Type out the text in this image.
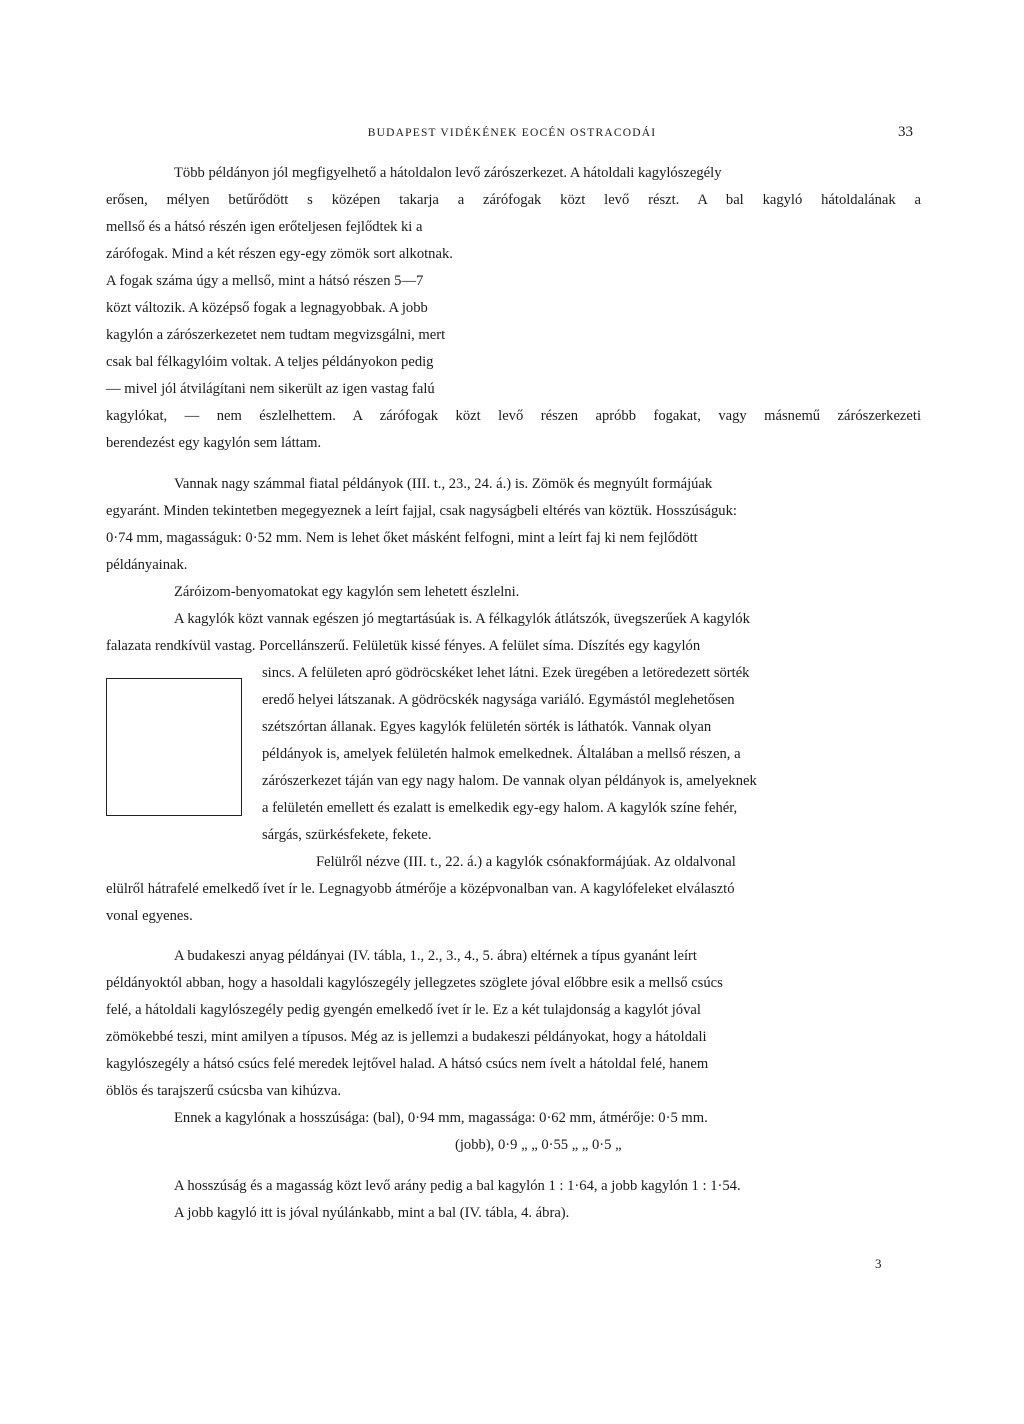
BUDAPEST VIDÉKÉNEK EOCÉN OSTRACODÁI	33
Több példányon jól megfigyelhető a hátoldalon levő zárószerkezet. A hátoldali kagylószegély
erősen, mélyen betűrődött s középen takarja a zárófogak közt levő részt. A bal kagyló hátoldalának a
mellső és a hátsó részén igen erőteljesen fejlődtek ki a
zárófogak. Mind a két részen egy-egy zömök sort alkotnak.
A fogak száma úgy a mellső, mint a hátsó részen 5—7
közt változik. A középső fogak a legnagyobbak. A jobb
kagylón a zárószerkezetet nem tudtam megvizsgálni, mert
csak bal félkagylóim voltak. A teljes példányokon pedig
— mivel jól átvilágítani nem sikerült az igen vastag falú
kagylókat, — nem észlelhettem. A zárófogak közt levő részen apróbb fogakat, vagy másnemű zárószerkezeti
berendezést egy kagylón sem láttam.
Vannak nagy számmal fiatal példányok (III. t., 23., 24. á.) is. Zömök és megnyúlt formájúak
egyaránt. Minden tekintetben megegyeznek a leírt fajjal, csak nagyságbeli eltérés van köztük. Hosszúságuk:
0·74 mm, magasságuk: 0·52 mm. Nem is lehet őket másként felfogni, mint a leírt faj ki nem fejlődött
példányainak.
Záróizom-benyomatokat egy kagylón sem lehetett észlelni.
A kagylók közt vannak egészen jó megtartásúak is. A félkagylók átlátszók, üvegszerűek A kagylók
falazata rendkívül vastag. Porcellánszerű. Felületük kissé fényes. A felület síma. Díszítés egy kagylón
sincs. A felületen apró gödröcskéket lehet látni. Ezek üregében a letöredezett sörték
eredő helyei látszanak. A gödröcskék nagysága variáló. Egymástól meglehetősen
szétszórtan állanak. Egyes kagylók felületén sörték is láthatók. Vannak olyan
példányok is, amelyek felületén halmok emelkednek. Általában a mellső részen, a
zárószerkezet táján van egy nagy halom. De vannak olyan példányok is, amelyeknek
a felületén emellett és ezalatt is emelkedik egy-egy halom. A kagylók színe fehér,
sárgás, szürkésfekete, fekete.
Felülről nézve (III. t., 22. á.) a kagylók csónakformájúak. Az oldalvonal
elülről hátrafelé emelkedő ívet ír le. Legnagyobb átmérője a középvonalban van. A kagylófeleket elválasztó
vonal egyenes.
A budakeszi anyag példányai (IV. tábla, 1., 2., 3., 4., 5. ábra) eltérnek a típus gyanánt leírt
példányoktól abban, hogy a hasoldali kagylószegély jellegzetes szöglete jóval előbbre esik a mellső csúcs
felé, a hátoldali kagylószegély pedig gyengén emelkedő ívet ír le. Ez a két tulajdonság a kagylót jóval
zömökebbé teszi, mint amilyen a típusos. Még az is jellemzi a budakeszi példányokat, hogy a hátoldali
kagylószegély a hátsó csúcs felé meredek lejtővel halad. A hátsó csúcs nem ívelt a hátoldal felé, hanem
öblös és tarajszerű csúcsba van kihúzva.
Ennek a kagylónak a hosszúsága: (bal), 0·94 mm, magassága: 0·62 mm, átmérője: 0·5 mm.
(jobb), 0·9 „ „ 0·55 „ „ 0·5 „
A hosszúság és a magasság közt levő arány pedig a bal kagylón 1 : 1·64, a jobb kagylón 1 : 1·54.
A jobb kagyló itt is jóval nyúlánkabb, mint a bal (IV. tábla, 4. ábra).
3
